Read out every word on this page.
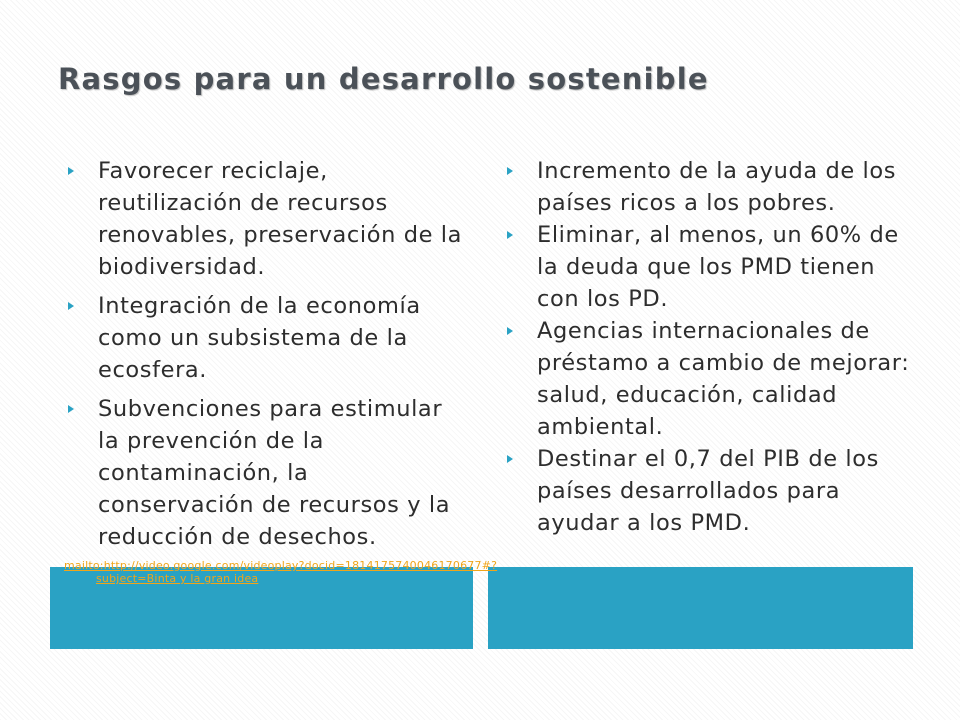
Rasgos para un desarrollo sostenible
Favorecer reciclaje, reutilización de recursos renovables, preservación de la biodiversidad.
Integración de la economía como un subsistema de la ecosfera.
Subvenciones para estimular la prevención de la contaminación, la conservación de recursos y la reducción de desechos.
mailto:http://video.google.com/videoplay?docid=1814175740046170677#?subject=Binta y la gran idea
Incremento de la ayuda de los países ricos a los pobres.
Eliminar, al menos, un 60% de la deuda que los PMD tienen con los PD.
Agencias internacionales de préstamo a cambio de mejorar: salud, educación, calidad ambiental.
Destinar el 0,7 del PIB de los países desarrollados para ayudar a los PMD.
